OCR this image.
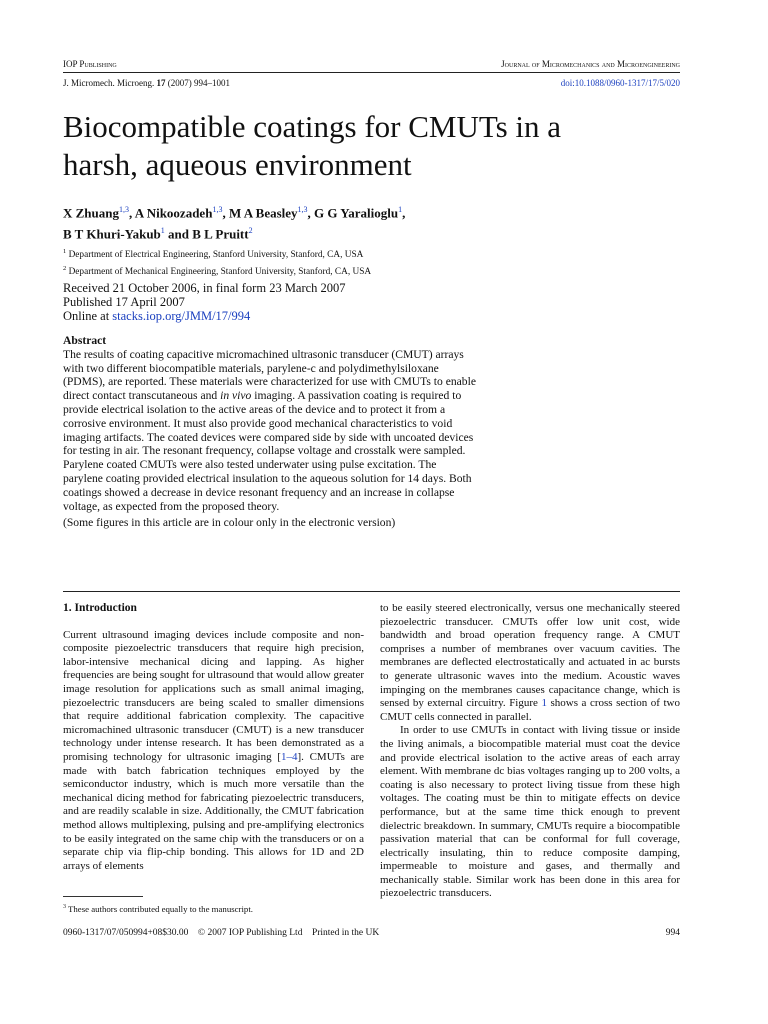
IOP Publishing	Journal of Micromechanics and Microengineering
J. Micromech. Microeng. 17 (2007) 994–1001	doi:10.1088/0960-1317/17/5/020
Biocompatible coatings for CMUTs in a
harsh, aqueous environment
X Zhuang$^{1,3}$, A Nikoozadeh$^{1,3}$, M A Beasley$^{1,3}$, G G Yaralioglu$^1$,
B T Khuri-Yakub$^1$ and B L Pruitt$^2$
$^1$ Department of Electrical Engineering, Stanford University, Stanford, CA, USA
$^2$ Department of Mechanical Engineering, Stanford University, Stanford, CA, USA
Received 21 October 2006, in final form 23 March 2007
Published 17 April 2007
Online at stacks.iop.org/JMM/17/994

Abstract

The results of coating capacitive micromachined ultrasonic transducer (CMUT) arrays with two different biocompatible materials, parylene-c and polydimethylsiloxane (PDMS), are reported. These materials were characterized for use with CMUTs to enable direct contact transcutaneous and in vivo imaging. A passivation coating is required to provide electrical isolation to the active areas of the device and to protect it from a corrosive environment. It must also provide good mechanical characteristics to void imaging artifacts. The coated devices were compared side by side with uncoated devices for testing in air. The resonant frequency, collapse voltage and crosstalk were sampled. Parylene coated CMUTs were also tested underwater using pulse excitation. The parylene coating provided electrical insulation to the aqueous solution for 14 days. Both coatings showed a decrease in device resonant frequency and an increase in collapse voltage, as expected from the proposed theory.

(Some figures in this article are in colour only in the electronic version)

1. Introduction

Current ultrasound imaging devices include composite and non-composite piezoelectric transducers that require high precision, labor-intensive mechanical dicing and lapping. As higher frequencies are being sought for ultrasound that would allow greater image resolution for applications such as small animal imaging, piezoelectric transducers are being scaled to smaller dimensions that require additional fabrication complexity. The capacitive micromachined ultrasonic transducer (CMUT) is a new transducer technology under intense research. It has been demonstrated as a promising technology for ultrasonic imaging [1–4]. CMUTs are made with batch fabrication techniques employed by the semiconductor industry, which is much more versatile than the mechanical dicing method for fabricating piezoelectric transducers, and are readily scalable in size. Additionally, the CMUT fabrication method allows multiplexing, pulsing and pre-amplifying electronics to be easily integrated on the same chip with the transducers or on a separate chip via flip-chip bonding. This allows for 1D and 2D arrays of elements

$^3$ These authors contributed equally to the manuscript.

to be easily steered electronically, versus one mechanically steered piezoelectric transducer. CMUTs offer low unit cost, wide bandwidth and broad operation frequency range. A CMUT comprises a number of membranes over vacuum cavities. The membranes are deflected electrostatically and actuated in ac bursts to generate ultrasonic waves into the medium. Acoustic waves impinging on the membranes causes capacitance change, which is sensed by external circuitry. Figure 1 shows a cross section of two CMUT cells connected in parallel.

In order to use CMUTs in contact with living tissue or inside the living animals, a biocompatible material must coat the device and provide electrical isolation to the active areas of each array element. With membrane dc bias voltages ranging up to 200 volts, a coating is also necessary to protect living tissue from these high voltages. The coating must be thin to mitigate effects on device performance, but at the same time thick enough to prevent dielectric breakdown. In summary, CMUTs require a biocompatible passivation material that can be conformal for full coverage, electrically insulating, thin to reduce composite damping, impermeable to moisture and gases, and thermally and mechanically stable. Similar work has been done in this area for piezoelectric transducers.

0960-1317/07/050994+08$30.00    © 2007 IOP Publishing Ltd    Printed in the UK	994
